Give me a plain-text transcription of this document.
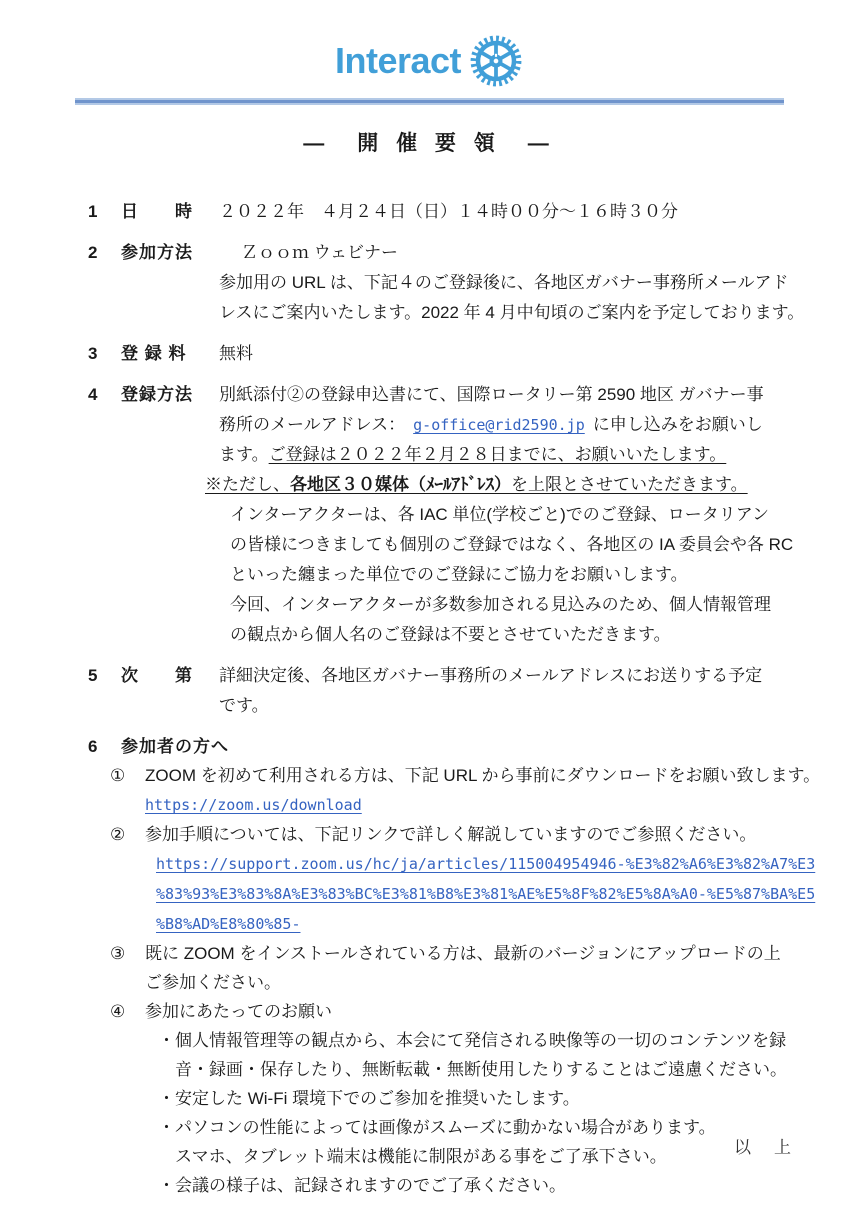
Interact
―　開 催 要 領　―
1	日　　時	２０２２年　４月２４日（日）１４時００分～１６時３０分
2	参加方法	Ｚｏｏｍ ウェビナー
参加用の URL は、下記４のご登録後に、各地区ガバナー事務所メールアド
レスにご案内いたします。2022 年 4 月中旬頃のご案内を予定しております。
3	登 録 料	無料
4	登録方法	別紙添付②の登録申込書にて、国際ロータリー第 2590 地区 ガバナー事
務所のメールアドレス： g-office@rid2590.jp に申し込みをお願いし
ます。ご登録は２０２２年２月２８日までに、お願いいたします。
※ただし、各地区３０媒体（ﾒｰﾙｱﾄﾞﾚｽ）を上限とさせていただきます。
インターアクターは、各 IAC 単位(学校ごと)でのご登録、ロータリアン
の皆様につきましても個別のご登録ではなく、各地区の IA 委員会や各 RC
といった纏まった単位でのご登録にご協力をお願いします。
今回、インターアクターが多数参加される見込みのため、個人情報管理
の観点から個人名のご登録は不要とさせていただきます。
5	次　　第	詳細決定後、各地区ガバナー事務所のメールアドレスにお送りする予定
です。
6	参加者の方へ
①	ZOOM を初めて利用される方は、下記 URL から事前にダウンロードをお願い致します。
https://zoom.us/download
②	参加手順については、下記リンクで詳しく解説していますのでご参照ください。
https://support.zoom.us/hc/ja/articles/115004954946-%E3%82%A6%E3%82%A7%E3
%83%93%E3%83%8A%E3%83%BC%E3%81%B8%E3%81%AE%E5%8F%82%E5%8A%A0-%E5%87%BA%E5
%B8%AD%E8%80%85-
③	既に ZOOM をインストールされている方は、最新のバージョンにアップロードの上
ご参加ください。
④	参加にあたってのお願い
・個人情報管理等の観点から、本会にて発信される映像等の一切のコンテンツを録
　音・録画・保存したり、無断転載・無断使用したりすることはご遠慮ください。
・安定した Wi-Fi 環境下でのご参加を推奨いたします。
・パソコンの性能によっては画像がスムーズに動かない場合があります。
　スマホ、タブレット端末は機能に制限がある事をご了承下さい。
・会議の様子は、記録されますのでご了承ください。
以　上
